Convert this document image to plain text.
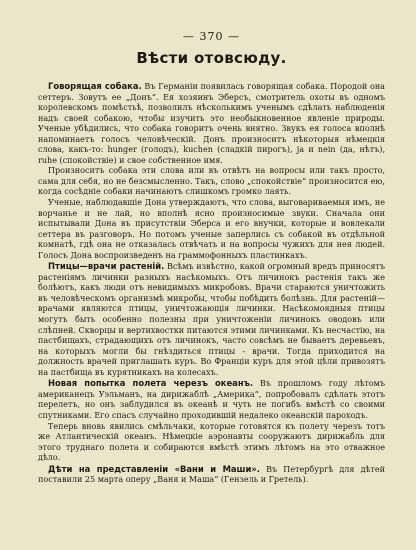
— 370 —
Вѣсти отовсюду.

Говорящая собака. Въ Германіи появилась говорящая собака. Породой она сеттеръ. Зовутъ ее „Донъ“. Ея хозяинъ Эберсъ, смотритель охоты въ одномъ королевскомъ помѣстьѣ, позволилъ нѣсколькимъ ученымъ сдѣлать наблюденія надъ своей собакою, чтобы изучить это необыкновенное явленіе природы. Ученые убѣдились, что собака говоритъ очень внятно. Звукъ ея голоса вполнѣ напоминаетъ голосъ человѣческій. Донъ произноситъ нѣкоторыя нѣмецкія слова, какъ-то: hunger (голодъ), kuchen (сладкій пирогъ), ja и nein (да, нѣтъ), ruhe (спокойствіе) и свое собственное имя.

Произноситъ собака эти слова или въ отвѣтъ на вопросы или такъ просто, сама для себя, но не безсмысленно. Такъ, слово „спокойствіе“ произносится ею, когда сосѣдніе собаки начинаютъ слишкомъ громко лаять.

Ученые, наблюдавшіе Дона утверждаютъ, что слова, выговариваемыя имъ, не ворчанье и не лай, но вполнѣ ясно произносимые звуки. Сначала они испытывали Дона въ присутствіи Эберса и его внучки, которые и вовлекали сеттера въ разговоръ. Но потомъ ученые заперлись съ собакой въ отдѣльной комнатѣ, гдѣ она не отказалась отвѣчать и на вопросы чужихъ для нея людей. Голосъ Дона воспроизведенъ на граммофонныхъ пластинкахъ.

Птицы—врачи растеній. Всѣмъ извѣстно, какой огромный вредъ приносятъ растеніямъ личинки разныхъ насѣкомыхъ. Отъ личинокъ растенія такъ же болѣютъ, какъ люди отъ невидимыхъ микробовъ. Врачи стараются уничтожить въ человѣческомъ организмѣ микробы, чтобы побѣдить болѣзнь. Для растеній—врачами являются птицы, уничтожающія личинки. Насѣкомоядныя птицы могутъ быть особенно полезны при уничтоженіи личинокъ оводовъ или слѣпней. Скворцы и вертихвостки питаются этими личинками. Къ несчастію, на пастбищахъ, страдающихъ отъ личинокъ, часто совсѣмъ не бываетъ деревьевъ, на которыхъ могли бы гнѣздиться птицы - врачи. Тогда приходится на должность врачей приглашать куръ. Во Франціи куръ для этой цѣли привозятъ на пастбища въ курятникахъ на колесахъ.

Новая попытка полета черезъ океанъ. Въ прошломъ году лѣтомъ американецъ Уэльманъ, на дирижаблѣ „Америка“, попробовалъ сдѣлать этотъ перелетъ, но онъ заблудился въ океанѣ и чуть не погибъ вмѣстѣ со своими спутниками. Его спасъ случайно проходившій недалеко океанскій пароходъ.

Теперь вновь явились смѣльчаки, которые готовятся къ полету черезъ тотъ же Атлантическій океанъ. Нѣмецкіе аэронавты сооружаютъ дирижабль для этого труднаго полета и собираются вмѣстѣ этимъ лѣтомъ на это отважное дѣло.

Дѣти на представленіи «Вани и Маши». Въ Петербургѣ для дѣтей поставили 25 марта оперу „Ваня и Маша“ (Гензель и Гретель).
